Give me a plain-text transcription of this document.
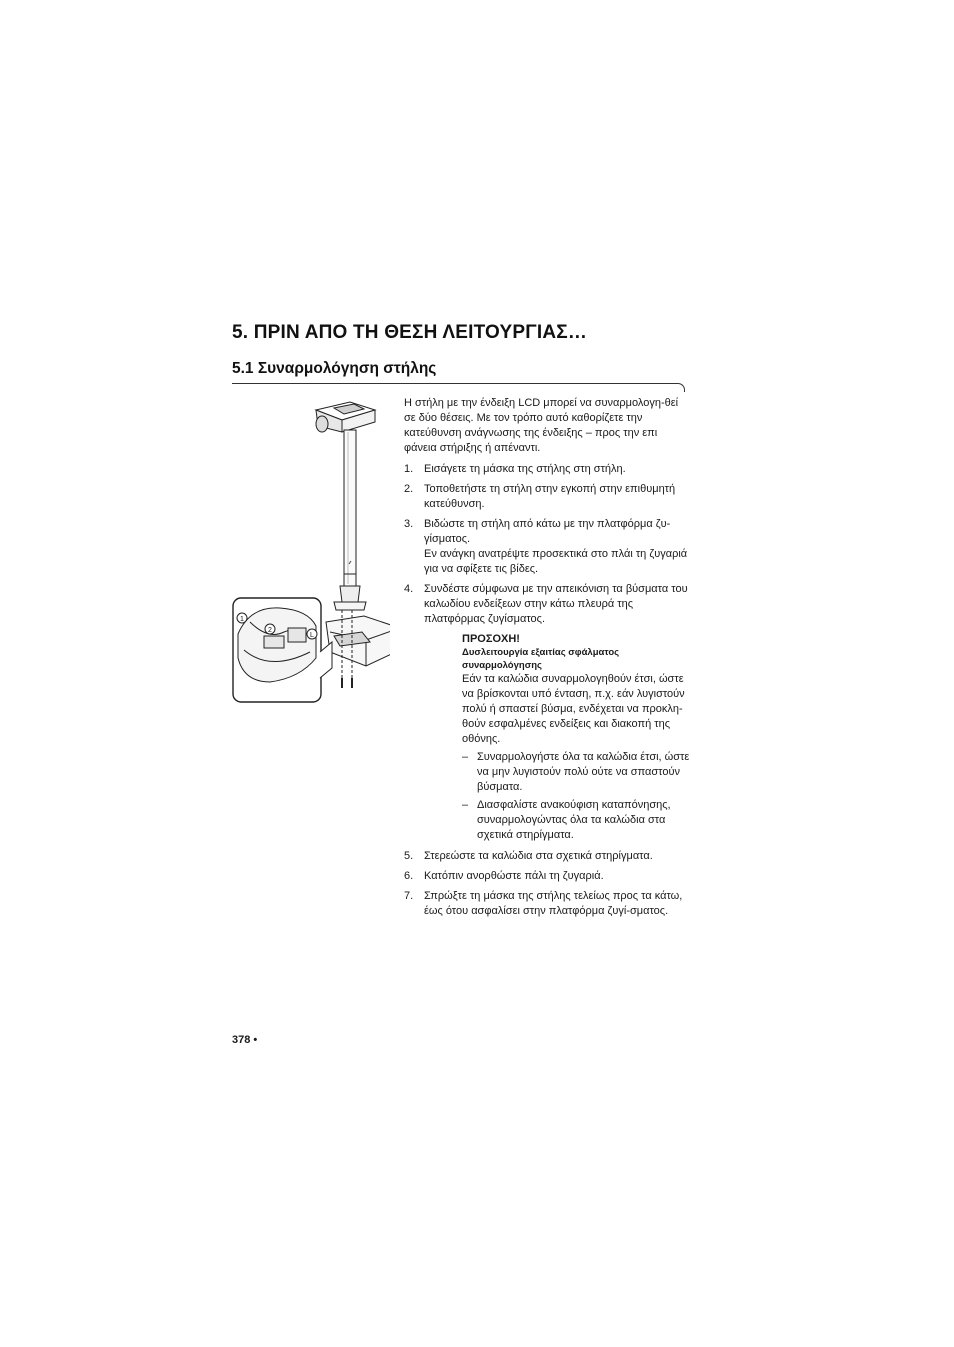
5. ΠΡΙΝ ΑΠΟ ΤΗ ΘΕΣΗ ΛΕΙΤΟΥΡΓΙΑΣ…
5.1 Συναρμολόγηση στήλης
1
2
L

Η στήλη με την ένδειξη LCD μπορεί να συναρμολογη-θεί σε δύο θέσεις. Με τον τρόπο αυτό καθορίζετε την κατεύθυνση ανάγνωσης της ένδειξης – προς την επι φάνεια στήριξης ή απέναντι.

1. Εισάγετε τη μάσκα της στήλης στη στήλη.
2. Τοποθετήστε τη στήλη στην εγκοπή στην επιθυμητή κατεύθυνση.
3. Βιδώστε τη στήλη από κάτω με την πλατφόρμα ζυ-γίσματος.
Εν ανάγκη ανατρέψτε προσεκτικά στο πλάι τη ζυγαριά για να σφίξετε τις βίδες.
4. Συνδέστε σύμφωνα με την απεικόνιση τα βύσματα του καλωδίου ενδείξεων στην κάτω πλευρά της πλατφόρμας ζυγίσματος.
ΠΡΟΣΟΧΗ!
Δυσλειτουργία εξαιτίας σφάλματος συναρμολόγησης

Εάν τα καλώδια συναρμολογηθούν έτσι, ώστε να βρίσκονται υπό ένταση, π.χ. εάν λυγιστούν πολύ ή σπαστεί βύσμα, ενδέχεται να προκλη-θούν εσφαλμένες ενδείξεις και διακοπή της οθόνης.

– Συναρμολογήστε όλα τα καλώδια έτσι, ώστε να μην λυγιστούν πολύ ούτε να σπαστούν βύσματα.
– Διασφαλίστε ανακούφιση καταπόνησης, συναρμολογώντας όλα τα καλώδια στα σχετικά στηρίγματα.
5. Στερεώστε τα καλώδια στα σχετικά στηρίγματα.
6. Κατόπιν ανορθώστε πάλι τη ζυγαριά.
7. Σπρώξτε τη μάσκα της στήλης τελείως προς τα κάτω, έως ότου ασφαλίσει στην πλατφόρμα ζυγί-σματος.
378 •
